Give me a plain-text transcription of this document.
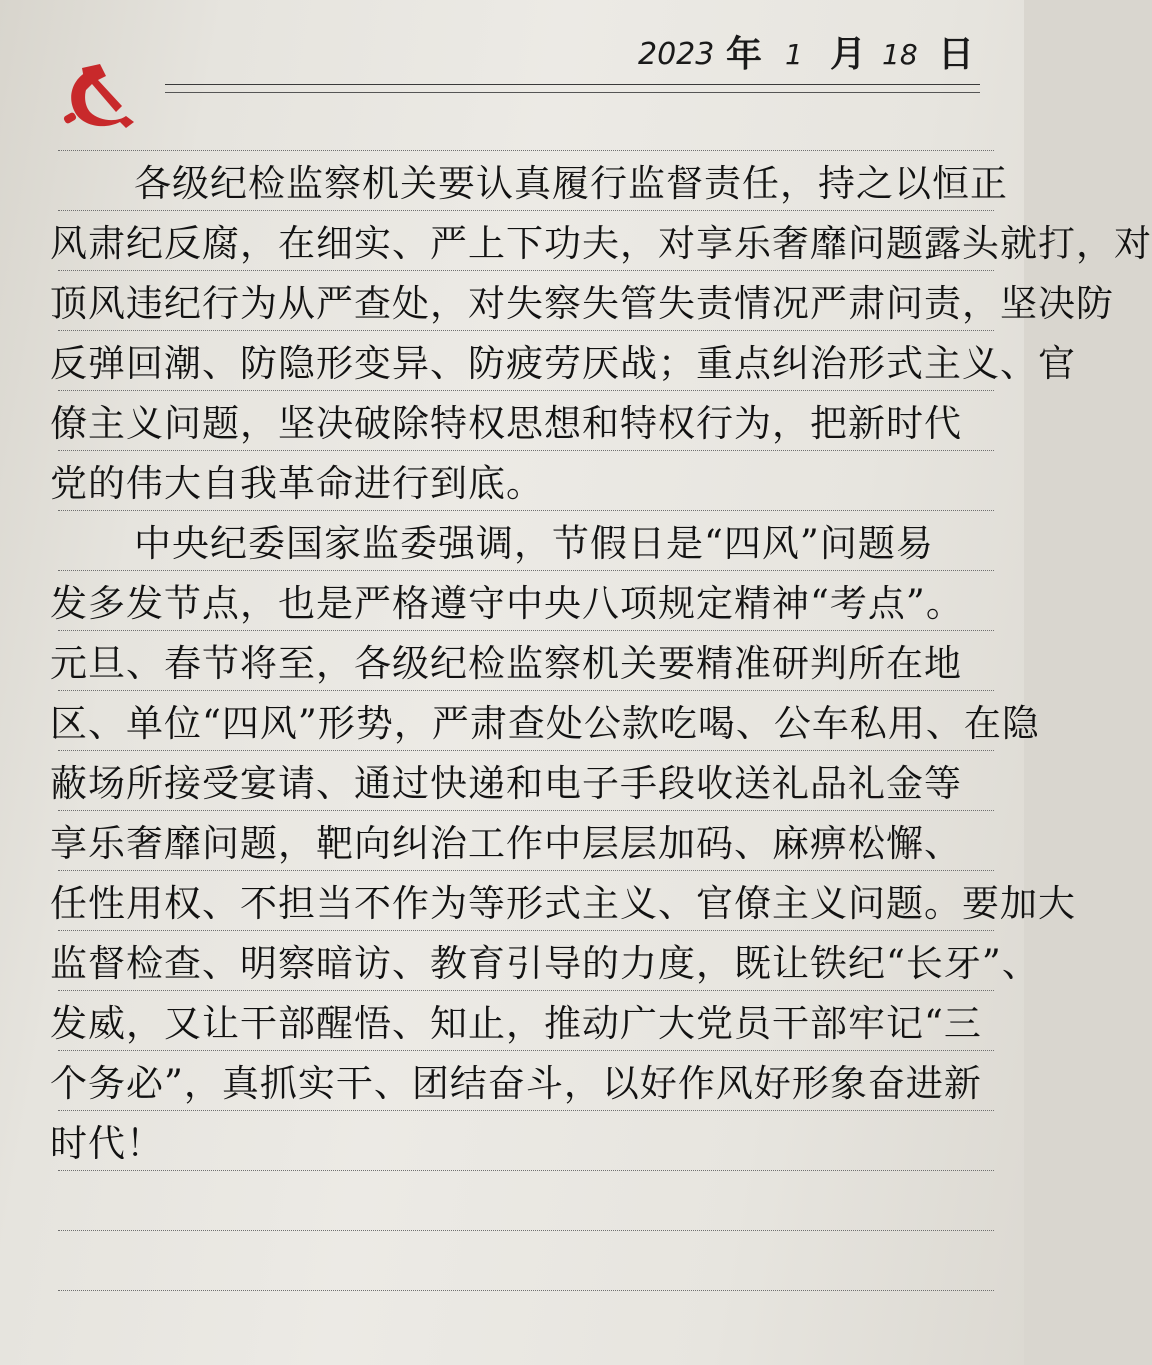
2023 年 1 月 18 日
各级纪检监察机关要认真履行监督责任，持之以恒正
风肃纪反腐，在细实、严上下功夫，对享乐奢靡问题露头就打，对
顶风违纪行为从严查处，对失察失管失责情况严肃问责，坚决防
反弹回潮、防隐形变异、防疲劳厌战；重点纠治形式主义、官
僚主义问题，坚决破除特权思想和特权行为，把新时代
党的伟大自我革命进行到底。
中央纪委国家监委强调，节假日是“四风”问题易
发多发节点，也是严格遵守中央八项规定精神“考点”。
元旦、春节将至，各级纪检监察机关要精准研判所在地
区、单位“四风”形势，严肃查处公款吃喝、公车私用、在隐
蔽场所接受宴请、通过快递和电子手段收送礼品礼金等
享乐奢靡问题，靶向纠治工作中层层加码、麻痹松懈、
任性用权、不担当不作为等形式主义、官僚主义问题。要加大
监督检查、明察暗访、教育引导的力度，既让铁纪“长牙”、
发威，又让干部醒悟、知止，推动广大党员干部牢记“三
个务必”，真抓实干、团结奋斗，以好作风好形象奋进新
时代！
